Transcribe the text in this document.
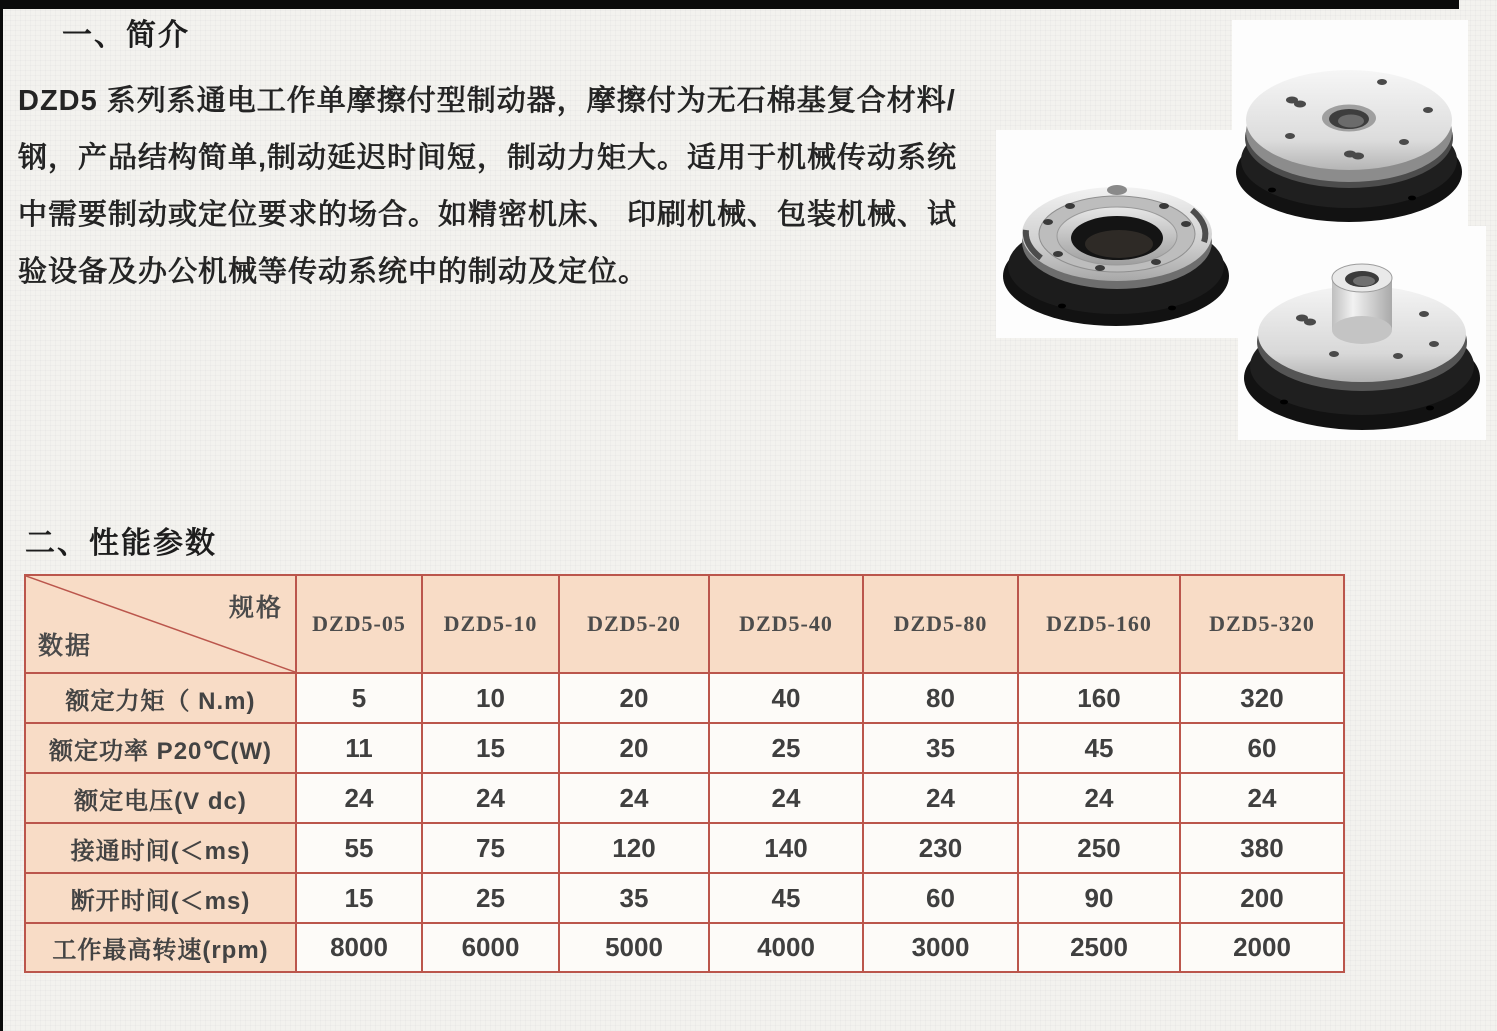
一、简介
DZD5 系列系通电工作单摩擦付型制动器，摩擦付为无石棉基复合材料/
钢，产品结构简单,制动延迟时间短，制动力矩大。适用于机械传动系统
中需要制动或定位要求的场合。如精密机床、 印刷机械、包装机械、试
验设备及办公机械等传动系统中的制动及定位。
二、性能参数
规格
数据	DZD5-05	DZD5-10	DZD5-20	DZD5-40	DZD5-80	DZD5-160	DZD5-320
额定力矩（ N.m)	5	10	20	40	80	160	320
额定功率 P20℃(W)	11	15	20	25	35	45	60
额定电压(V dc)	24	24	24	24	24	24	24
接通时间(＜ms)	55	75	120	140	230	250	380
断开时间(＜ms)	15	25	35	45	60	90	200
工作最高转速(rpm)	8000	6000	5000	4000	3000	2500	2000
